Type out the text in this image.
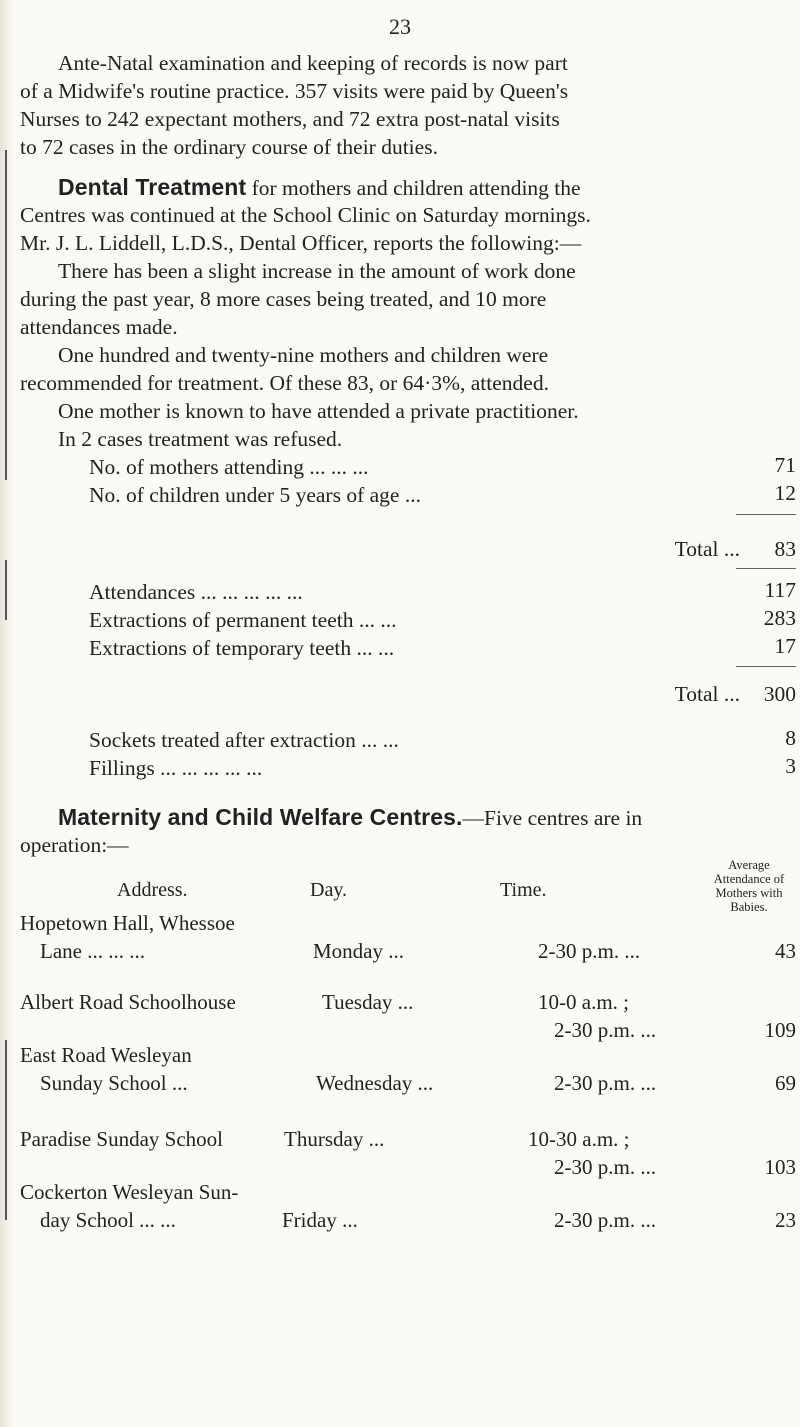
23
Ante-Natal examination and keeping of records is now part
of a Midwife's routine practice. 357 visits were paid by Queen's
Nurses to 242 expectant mothers, and 72 extra post-natal visits
to 72 cases in the ordinary course of their duties.
Dental Treatment for mothers and children attending the
Centres was continued at the School Clinic on Saturday mornings.
Mr. J. L. Liddell, L.D.S., Dental Officer, reports the following:—
There has been a slight increase in the amount of work done
during the past year, 8 more cases being treated, and 10 more
attendances made.
One hundred and twenty-nine mothers and children were
recommended for treatment. Of these 83, or 64·3%, attended.
One mother is known to have attended a private practitioner.
In 2 cases treatment was refused.
No. of mothers attending ... ... ...	71
No. of children under 5 years of age ...	12
Total ...	83
Attendances ... ... ... ... ...	117
Extractions of permanent teeth ... ...	283
Extractions of temporary teeth ... ...	17
Total ...	300
Sockets treated after extraction ... ...	8
Fillings ... ... ... ... ...	3
Maternity and Child Welfare Centres.—Five centres are in
operation:—
Address.	Day.	Time.
Average
Attendance of
Mothers with
Babies.
Hopetown Hall, Whessoe
Lane ... ... ...	Monday ...	2-30 p.m. ...	43
Albert Road Schoolhouse	Tuesday ...	10-0 a.m. ;
2-30 p.m. ...	109
East Road Wesleyan
Sunday School ...	Wednesday ...	2-30 p.m. ...	69
Paradise Sunday School	Thursday ...	10-30 a.m. ;
2-30 p.m. ...	103
Cockerton Wesleyan Sun-
day School ... ...	Friday ...	2-30 p.m. ...	23
